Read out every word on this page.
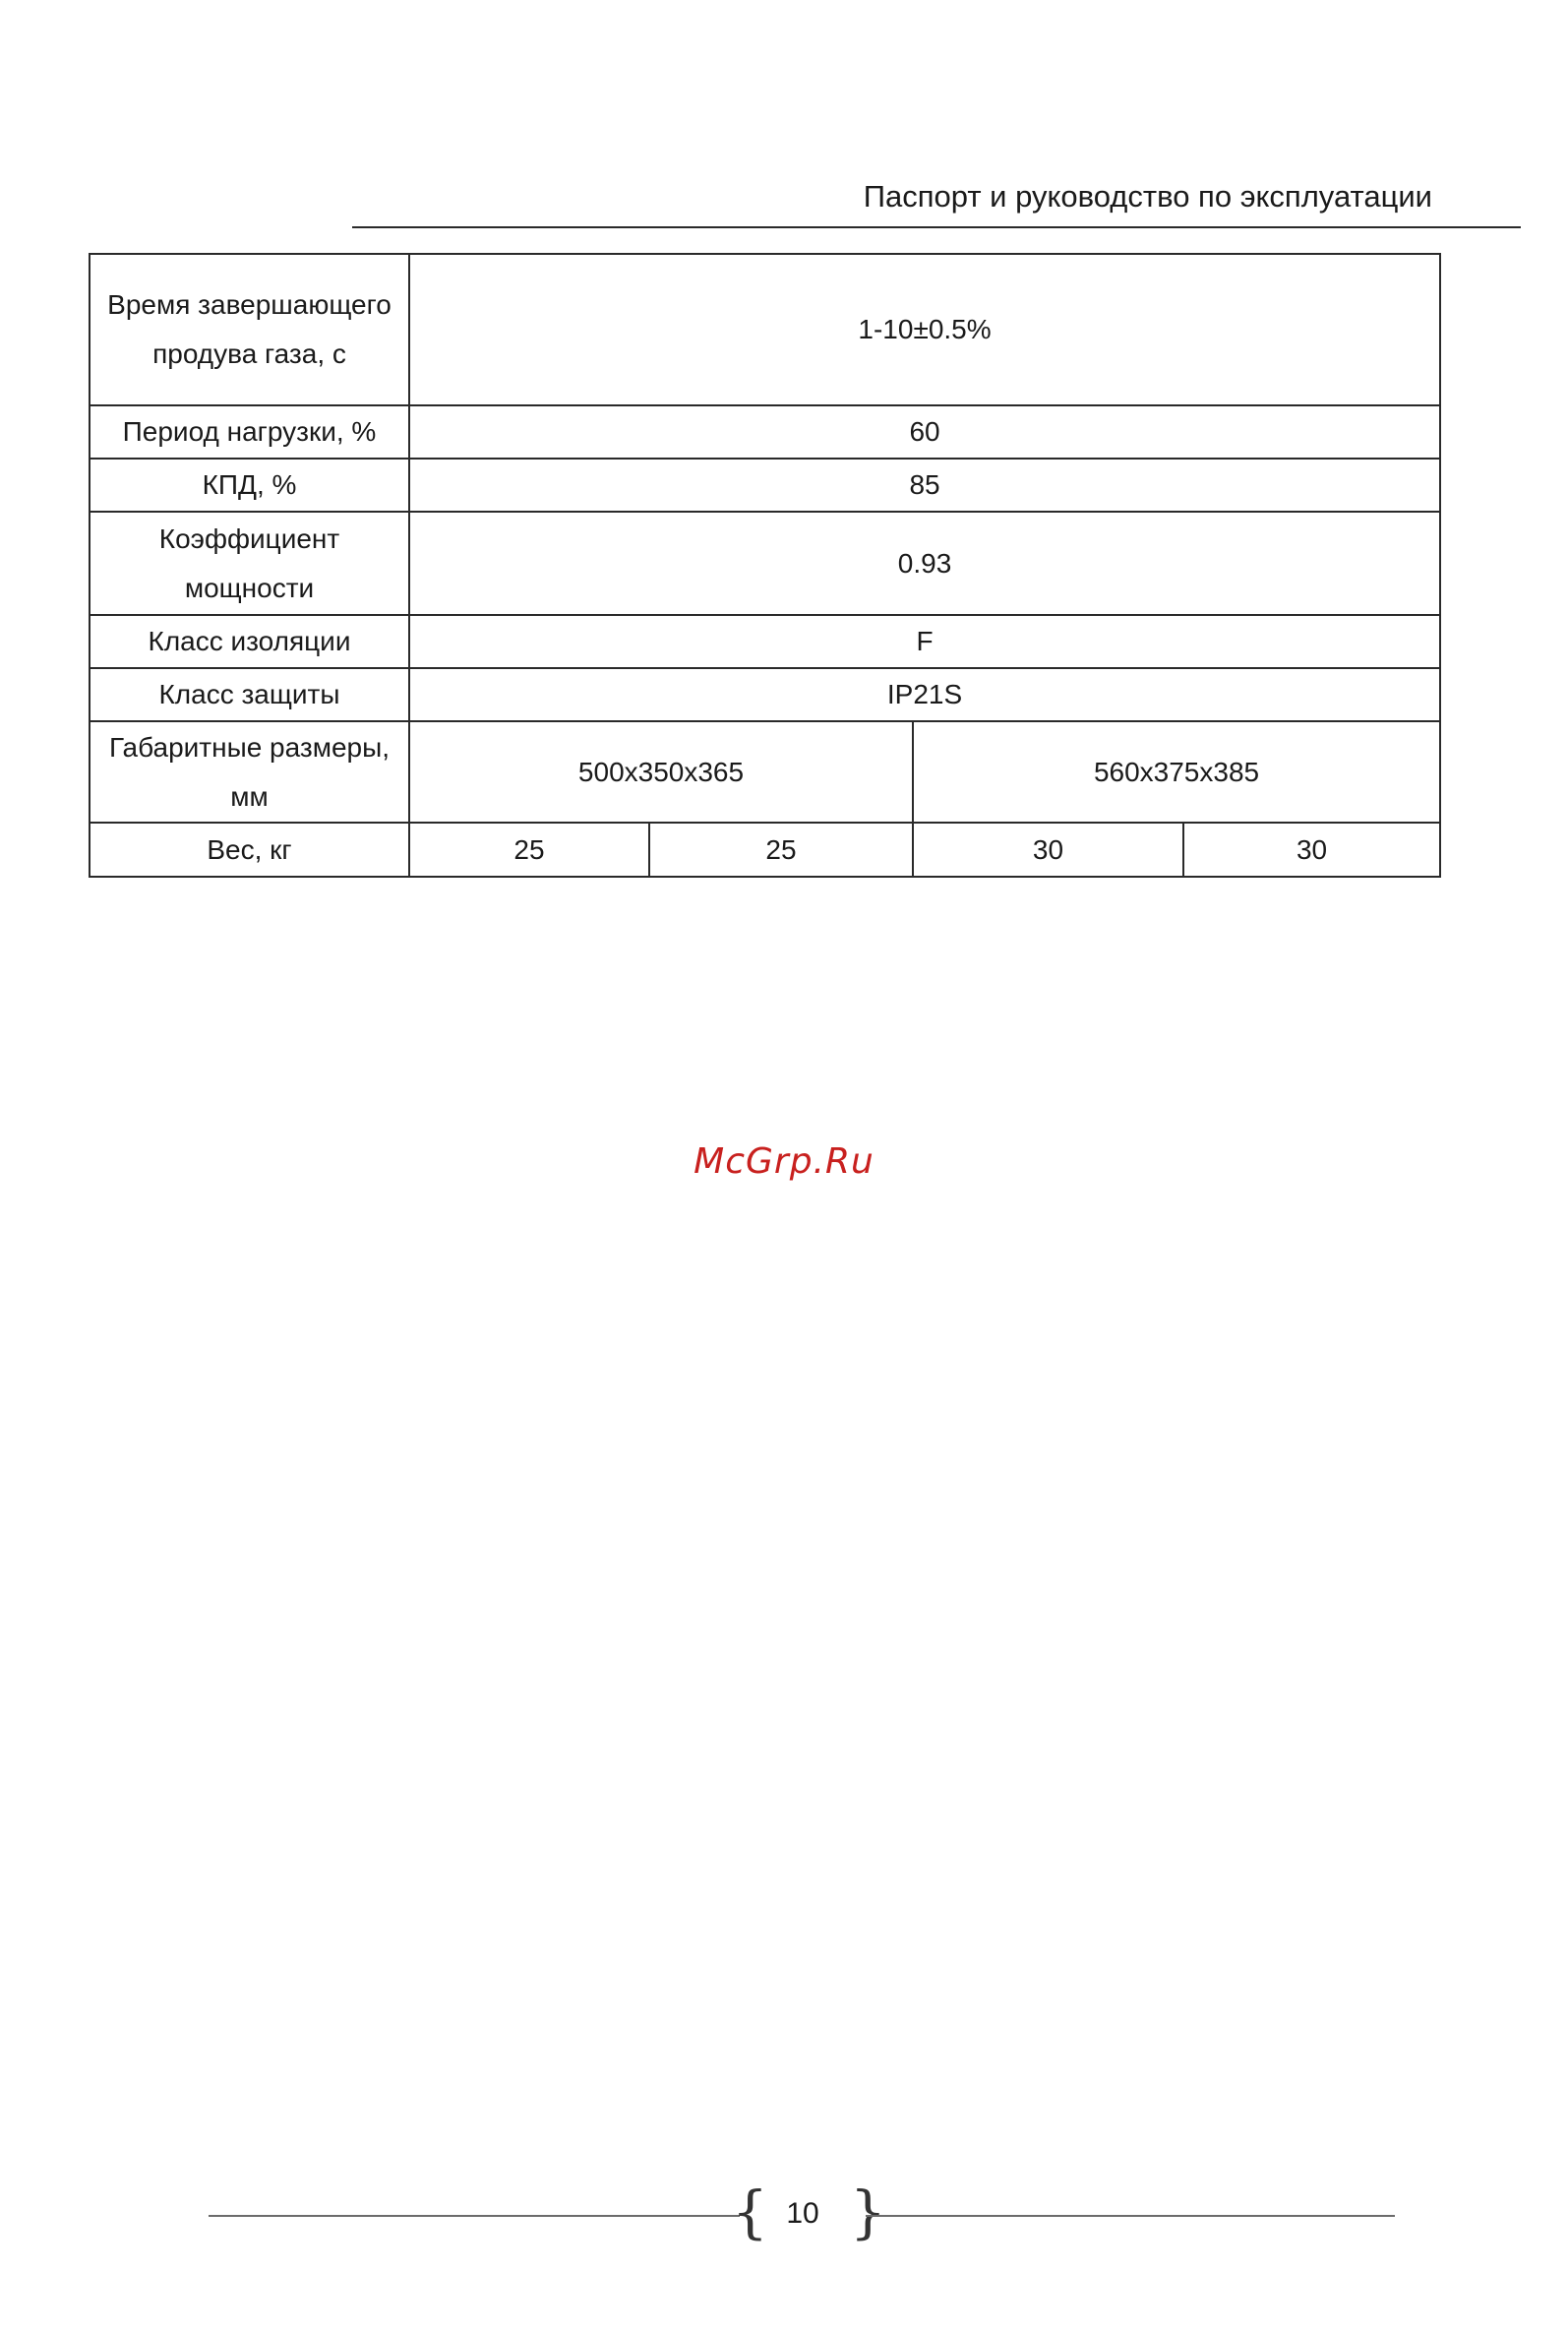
Паспорт и руководство по эксплуатации
Время завершающего продува газа, с	1-10±0.5%			
Период нагрузки, %	60			
КПД, %	85			
Коэффициент мощности	0.93			
Класс изоляции	F			
Класс защиты	IP21S			
Габаритные размеры, мм	500x350x365		560x375x385	
Вес, кг	25	25	30	30
McGrp.Ru
{ 10 }
